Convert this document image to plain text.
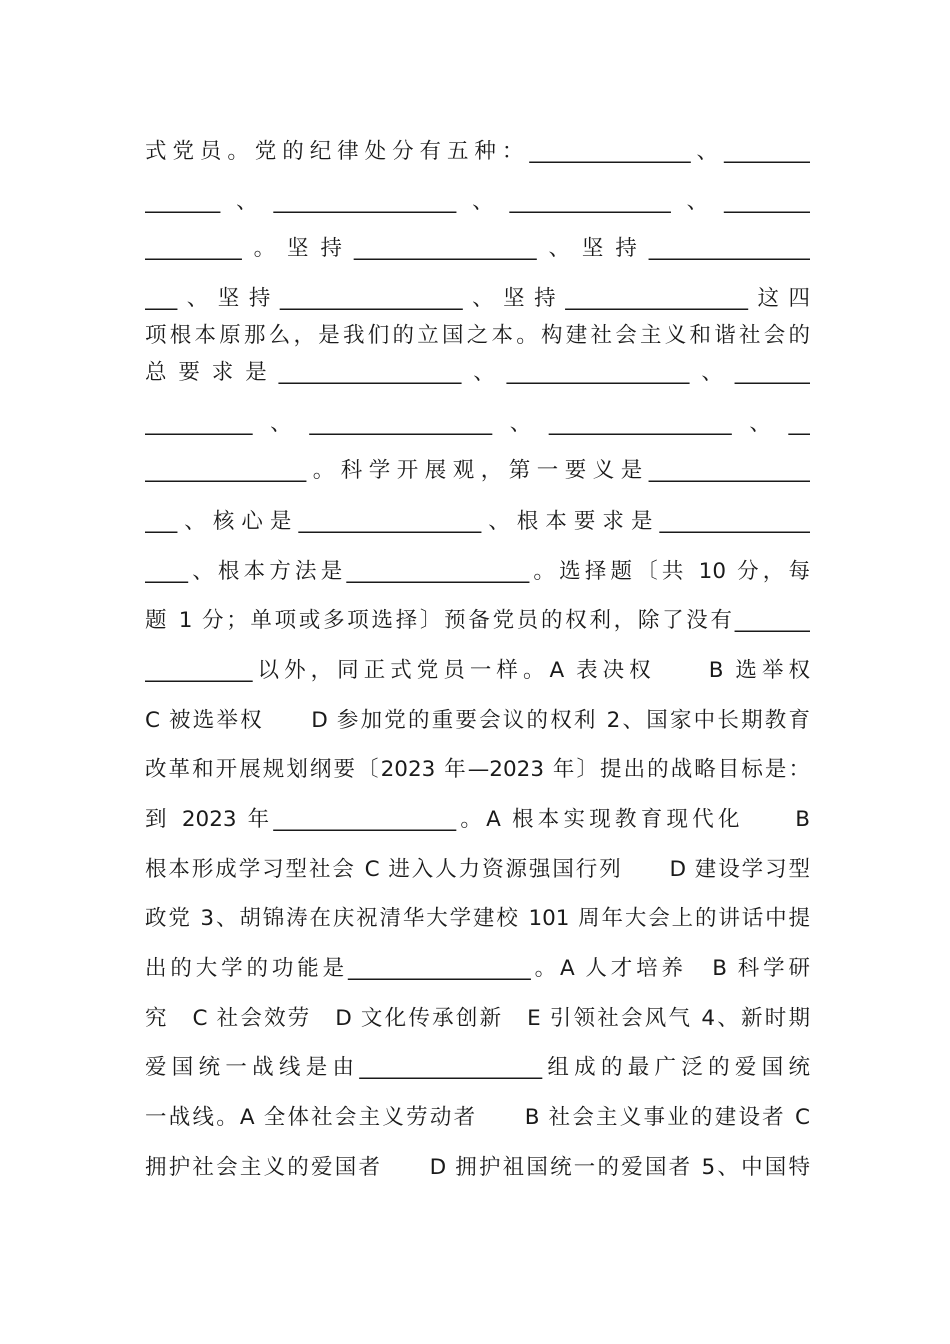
式党员。党的纪律处分有五种：_______________、________
_______、_________________、_______________、________
_________。坚持_________________、坚持_______________
___、坚持_________________、坚持_________________这四
项根本原那么，是我们的立国之本。构建社会主义和谐社会的
总要求是_________________、_________________、_______
__________、_________________、_________________、__
_______________。科学开展观，第一要义是_______________
___、核心是_________________、根本要求是______________
____、根本方法是_________________。选择题〔共 10 分，每
题 1 分；单项或多项选择〕预备党员的权利，除了没有_______
__________以外，同正式党员一样。A 表决权　　B 选举权
C 被选举权　　D 参加党的重要会议的权利 2、国家中长期教育
改革和开展规划纲要〔2023 年—2023 年〕提出的战略目标是：
到 2023 年_________________。A 根本实现教育现代化　　B
根本形成学习型社会 C 进入人力资源强国行列　　D 建设学习型
政党 3、胡锦涛在庆祝清华大学建校 101 周年大会上的讲话中提
出的大学的功能是_________________。A 人才培养　B 科学研
究　C 社会效劳　D 文化传承创新　E 引领社会风气 4、新时期
爱国统一战线是由_________________组成的最广泛的爱国统
一战线。A 全体社会主义劳动者　　B 社会主义事业的建设者 C
拥护社会主义的爱国者　　D 拥护祖国统一的爱国者 5、中国特
